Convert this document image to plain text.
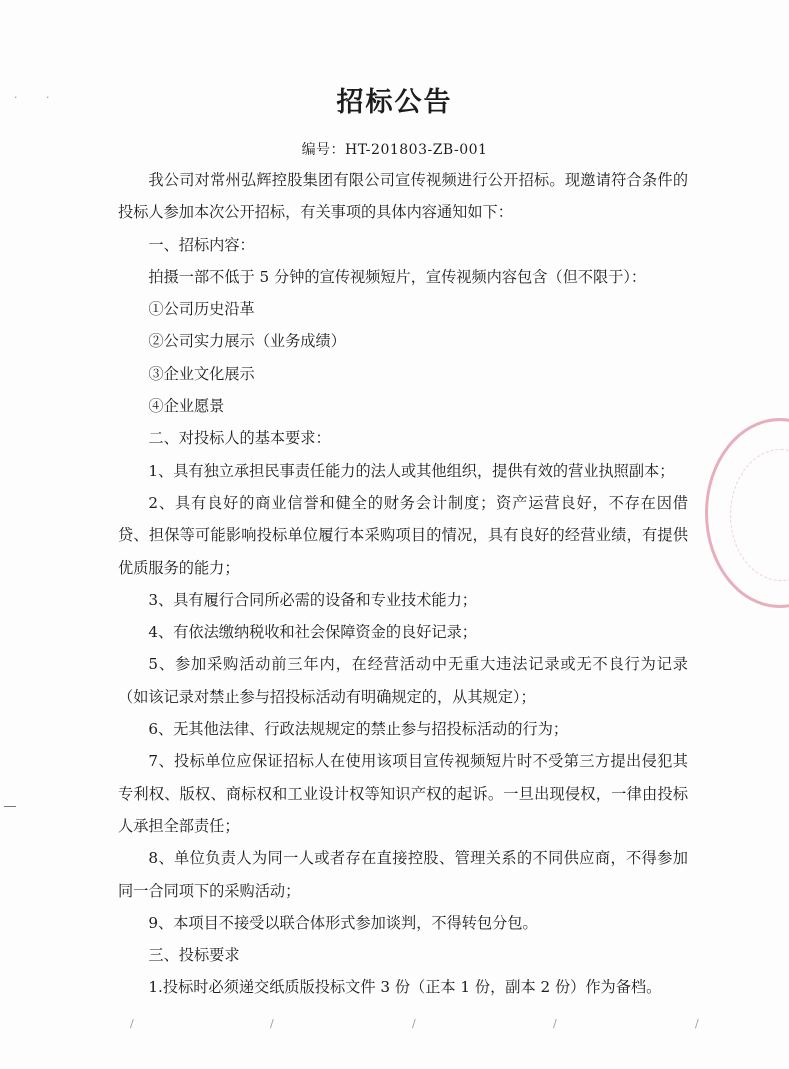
招标公告
编号：HT-201803-ZB-001

我公司对常州弘辉控股集团有限公司宣传视频进行公开招标。现邀请符合条件的投标人参加本次公开招标，有关事项的具体内容通知如下：

一、招标内容：

拍摄一部不低于 5 分钟的宣传视频短片，宣传视频内容包含（但不限于）：

①公司历史沿革

②公司实力展示（业务成绩）

③企业文化展示

④企业愿景

二、对投标人的基本要求：

1、具有独立承担民事责任能力的法人或其他组织，提供有效的营业执照副本；

2、具有良好的商业信誉和健全的财务会计制度；资产运营良好，不存在因借贷、担保等可能影响投标单位履行本采购项目的情况，具有良好的经营业绩，有提供优质服务的能力；

3、具有履行合同所必需的设备和专业技术能力；

4、有依法缴纳税收和社会保障资金的良好记录；

5、参加采购活动前三年内，在经营活动中无重大违法记录或无不良行为记录（如该记录对禁止参与招投标活动有明确规定的，从其规定）；

6、无其他法律、行政法规规定的禁止参与招投标活动的行为；

7、投标单位应保证招标人在使用该项目宣传视频短片时不受第三方提出侵犯其专利权、版权、商标权和工业设计权等知识产权的起诉。一旦出现侵权，一律由投标人承担全部责任；

8、单位负责人为同一人或者存在直接控股、管理关系的不同供应商，不得参加同一合同项下的采购活动；

9、本项目不接受以联合体形式参加谈判，不得转包分包。

三、投标要求

1.投标时必须递交纸质版投标文件 3 份（正本 1 份，副本 2 份）作为备档。

·	·
/	/	/	/	/
